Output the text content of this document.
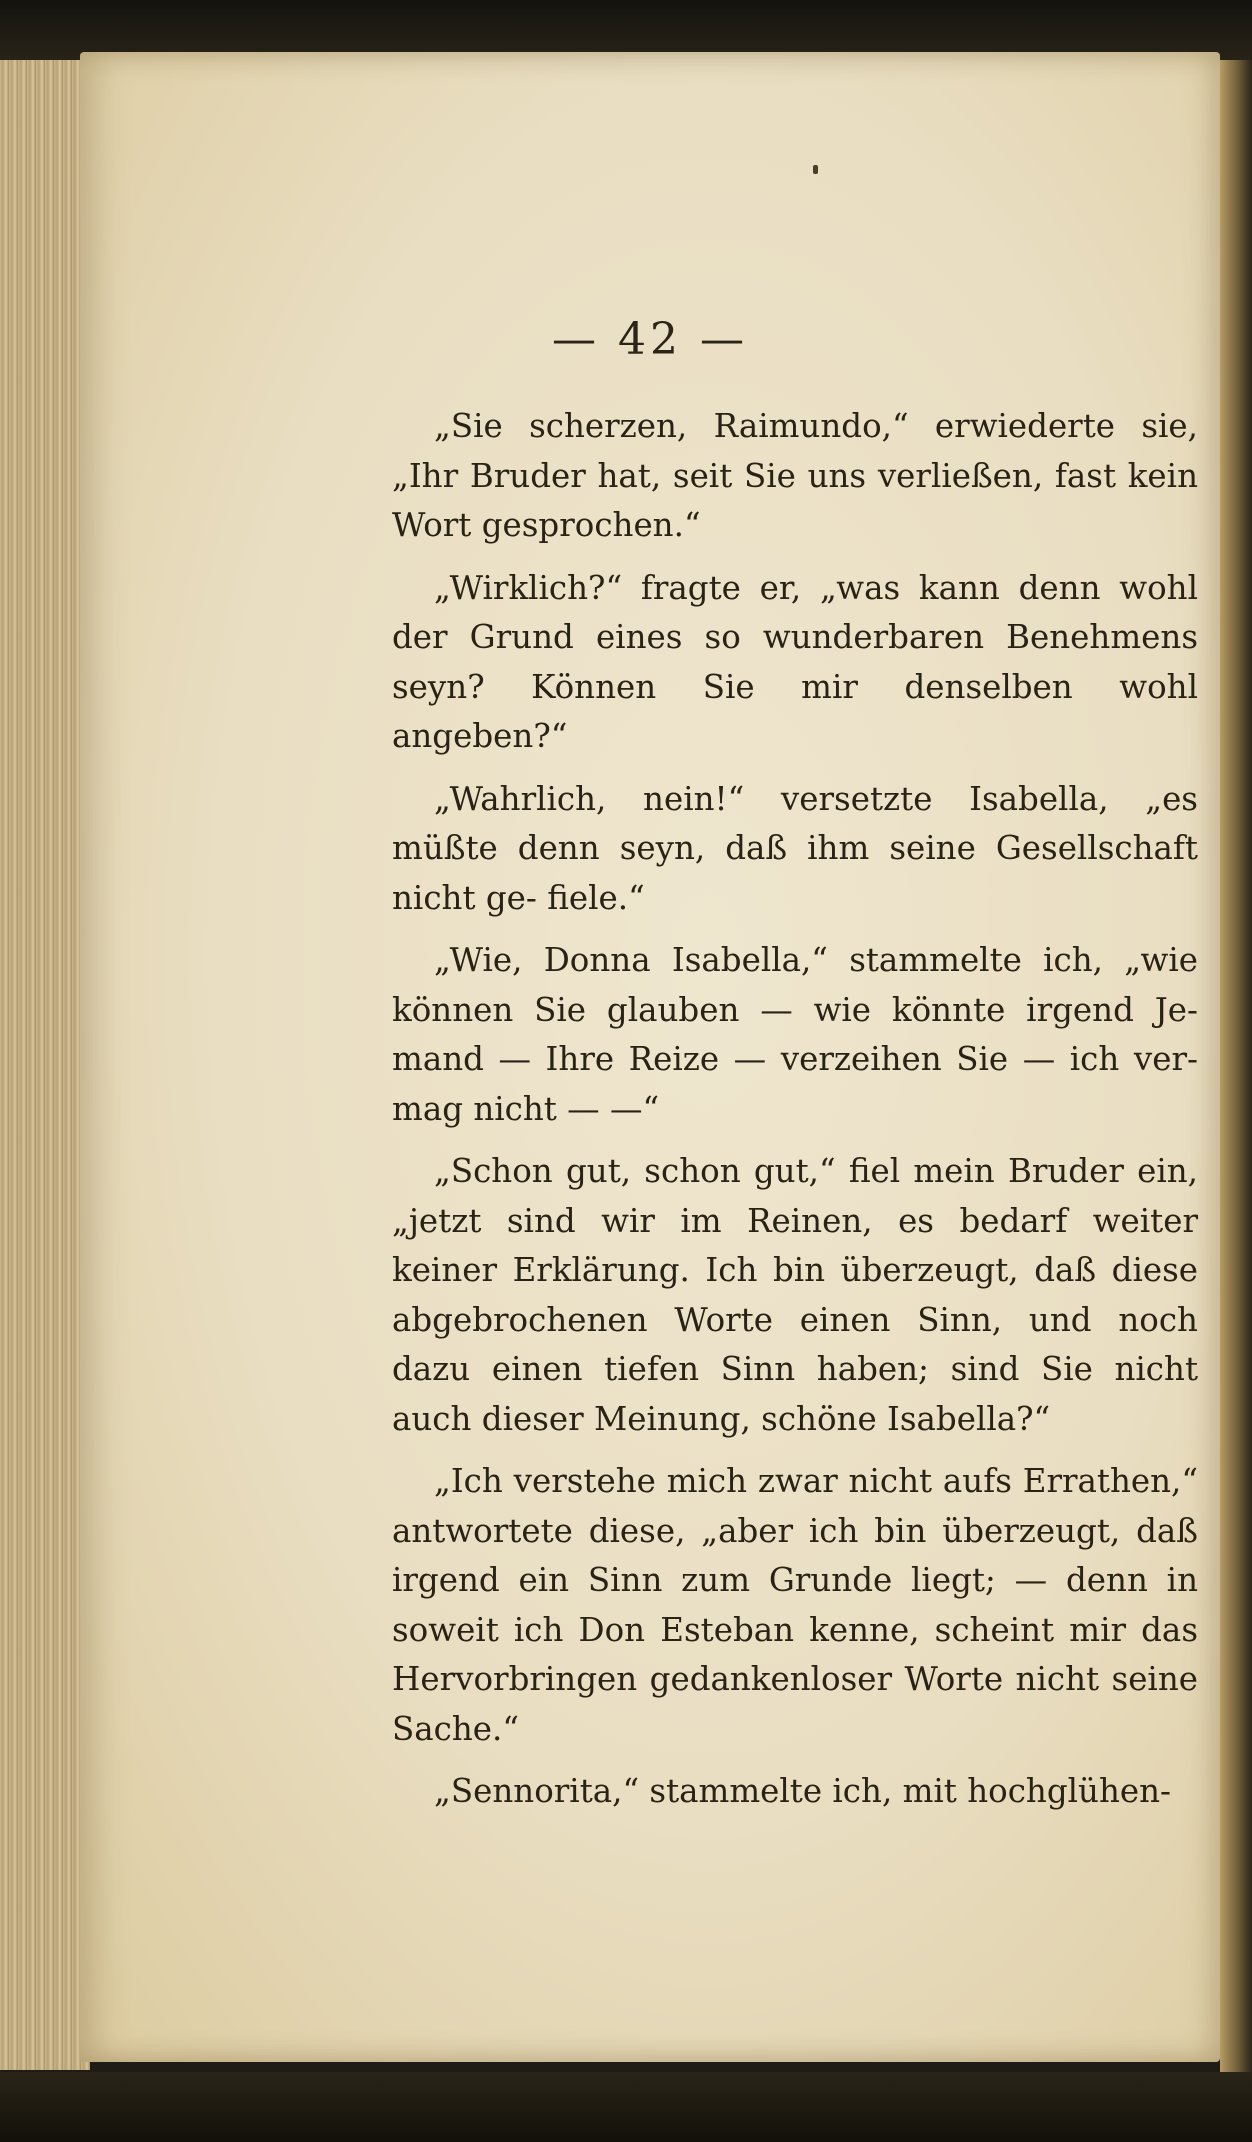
— 42 —

„Sie scherzen, Raimundo,“ erwiederte sie, „Ihr Bruder hat, seit Sie uns verließen, fast kein Wort gesprochen.“

„Wirklich?“ fragte er, „was kann denn wohl der Grund eines so wunderbaren Benehmens seyn? Können Sie mir denselben wohl angeben?“

„Wahrlich, nein!“ versetzte Isabella, „es müßte denn seyn, daß ihm seine Gesellschaft nicht ge- fiele.“

„Wie, Donna Isabella,“ stammelte ich, „wie können Sie glauben — wie könnte irgend Je- mand — Ihre Reize — verzeihen Sie — ich ver- mag nicht — —“

„Schon gut, schon gut,“ fiel mein Bruder ein, „jetzt sind wir im Reinen, es bedarf weiter keiner Erklärung. Ich bin überzeugt, daß diese abgebrochenen Worte einen Sinn, und noch dazu einen tiefen Sinn haben; sind Sie nicht auch dieser Meinung, schöne Isabella?“

„Ich verstehe mich zwar nicht aufs Errathen,“ antwortete diese, „aber ich bin überzeugt, daß irgend ein Sinn zum Grunde liegt; — denn in soweit ich Don Esteban kenne, scheint mir das Hervorbringen gedankenloser Worte nicht seine Sache.“

„Sennorita,“ stammelte ich, mit hochglühen-
